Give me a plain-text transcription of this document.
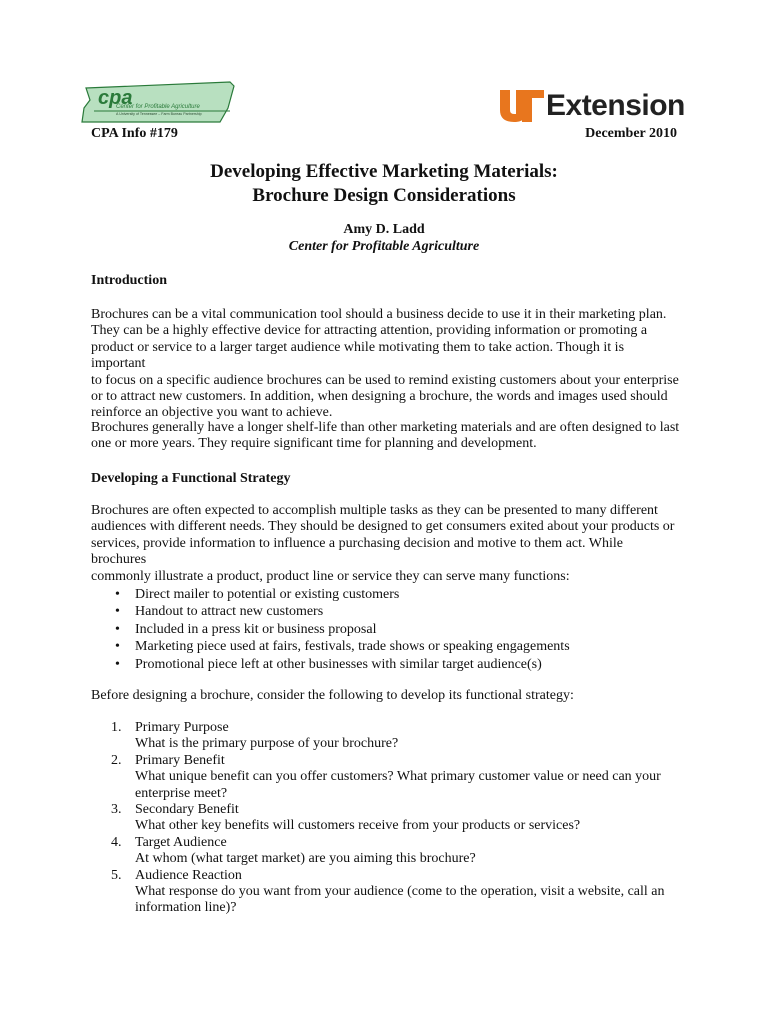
cpa
Center for Profitable Agriculture
A University of Tennessee – Farm Bureau Partnership	Extension
CPA Info #179	December 2010
Developing Effective Marketing Materials:
Brochure Design Considerations
Amy D. Ladd
Center for Profitable Agriculture
Introduction
Brochures can be a vital communication tool should a business decide to use it in their marketing plan.
They can be a highly effective device for attracting attention, providing information or promoting a
product or service to a larger target audience while motivating them to take action. Though it is important
to focus on a specific audience brochures can be used to remind existing customers about your enterprise
or to attract new customers. In addition, when designing a brochure, the words and images used should
reinforce an objective you want to achieve.
Brochures generally have a longer shelf-life than other marketing materials and are often designed to last
one or more years. They require significant time for planning and development.
Developing a Functional Strategy
Brochures are often expected to accomplish multiple tasks as they can be presented to many different
audiences with different needs. They should be designed to get consumers exited about your products or
services, provide information to influence a purchasing decision and motive to them act. While brochures
commonly illustrate a product, product line or service they can serve many functions:
• Direct mailer to potential or existing customers
• Handout to attract new customers
• Included in a press kit or business proposal
• Marketing piece used at fairs, festivals, trade shows or speaking engagements
• Promotional piece left at other businesses with similar target audience(s)
Before designing a brochure, consider the following to develop its functional strategy:
1. Primary Purpose
What is the primary purpose of your brochure?
2. Primary Benefit
What unique benefit can you offer customers? What primary customer value or need can your
enterprise meet?
3. Secondary Benefit
What other key benefits will customers receive from your products or services?
4. Target Audience
At whom (what target market) are you aiming this brochure?
5. Audience Reaction
What response do you want from your audience (come to the operation, visit a website, call an
information line)?
